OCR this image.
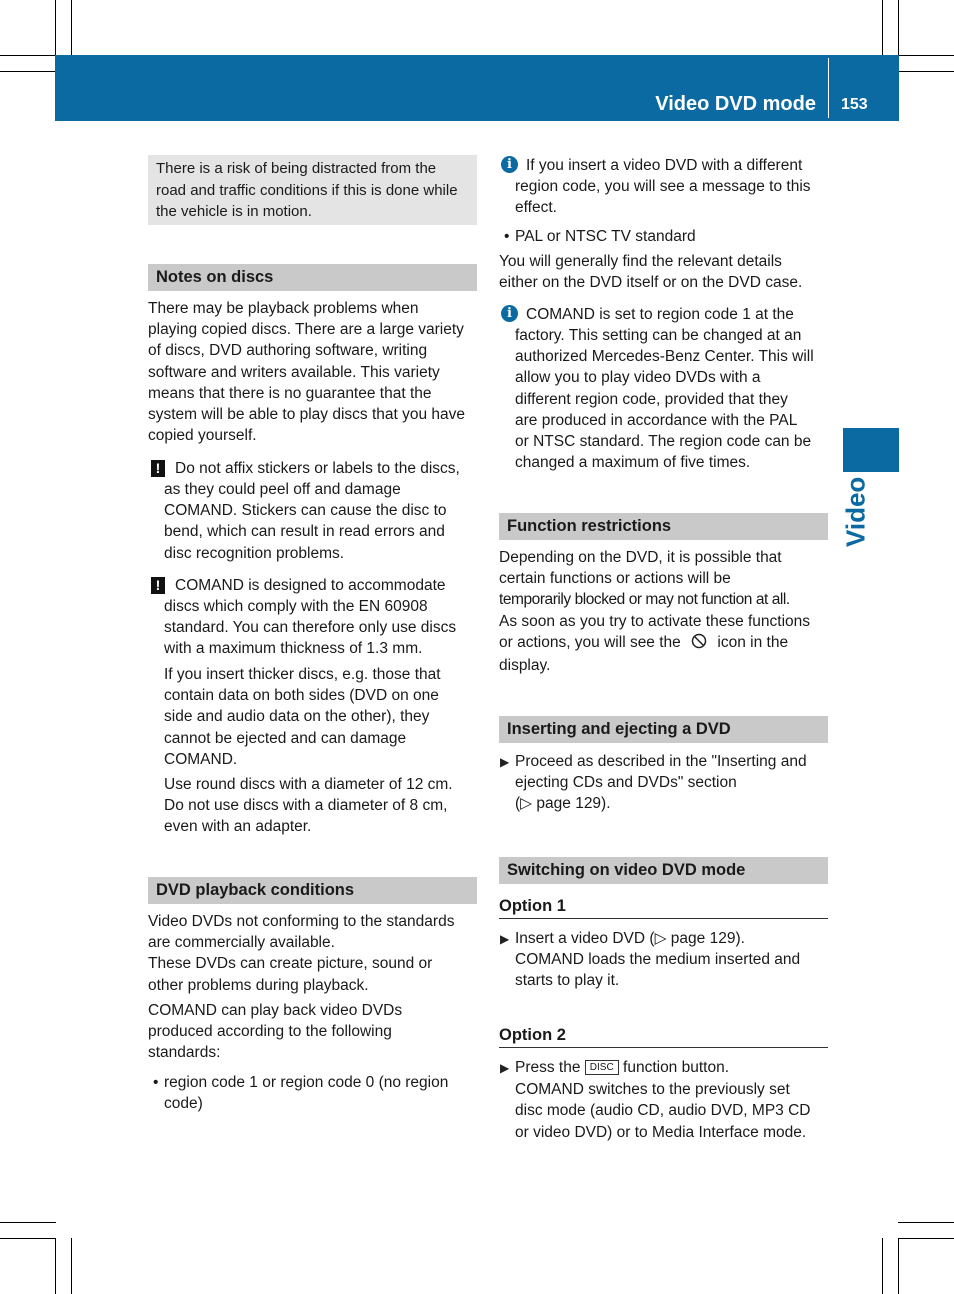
Video DVD mode 153
Video
There is a risk of being distracted from the
road and traffic conditions if this is done while
the vehicle is in motion.
Notes on discs
There may be playback problems when
playing copied discs. There are a large variety
of discs, DVD authoring software, writing
software and writers available. This variety
means that there is no guarantee that the
system will be able to play discs that you have
copied yourself.
! Do not affix stickers or labels to the discs,
as they could peel off and damage
COMAND. Stickers can cause the disc to
bend, which can result in read errors and
disc recognition problems.
! COMAND is designed to accommodate
discs which comply with the EN 60908
standard. You can therefore only use discs
with a maximum thickness of 1.3 mm.
If you insert thicker discs, e.g. those that
contain data on both sides (DVD on one
side and audio data on the other), they
cannot be ejected and can damage
COMAND.
Use round discs with a diameter of 12 cm.
Do not use discs with a diameter of 8 cm,
even with an adapter.
DVD playback conditions
Video DVDs not conforming to the standards
are commercially available.
These DVDs can create picture, sound or
other problems during playback.
COMAND can play back video DVDs
produced according to the following
standards:
• region code 1 or region code 0 (no region
code)
i If you insert a video DVD with a different
region code, you will see a message to this
effect.
• PAL or NTSC TV standard
You will generally find the relevant details
either on the DVD itself or on the DVD case.
i COMAND is set to region code 1 at the
factory. This setting can be changed at an
authorized Mercedes-Benz Center. This will
allow you to play video DVDs with a
different region code, provided that they
are produced in accordance with the PAL
or NTSC standard. The region code can be
changed a maximum of five times.
Function restrictions
Depending on the DVD, it is possible that
certain functions or actions will be
temporarily blocked or may not function at all.
As soon as you try to activate these functions
or actions, you will see the icon in the
display.
Inserting and ejecting a DVD
▶ Proceed as described in the "Inserting and
ejecting CDs and DVDs" section
(▷ page 129).
Switching on video DVD mode
Option 1
▶ Insert a video DVD (▷ page 129).
COMAND loads the medium inserted and
starts to play it.
Option 2
▶ Press the DISC function button.
COMAND switches to the previously set
disc mode (audio CD, audio DVD, MP3 CD
or video DVD) or to Media Interface mode.
